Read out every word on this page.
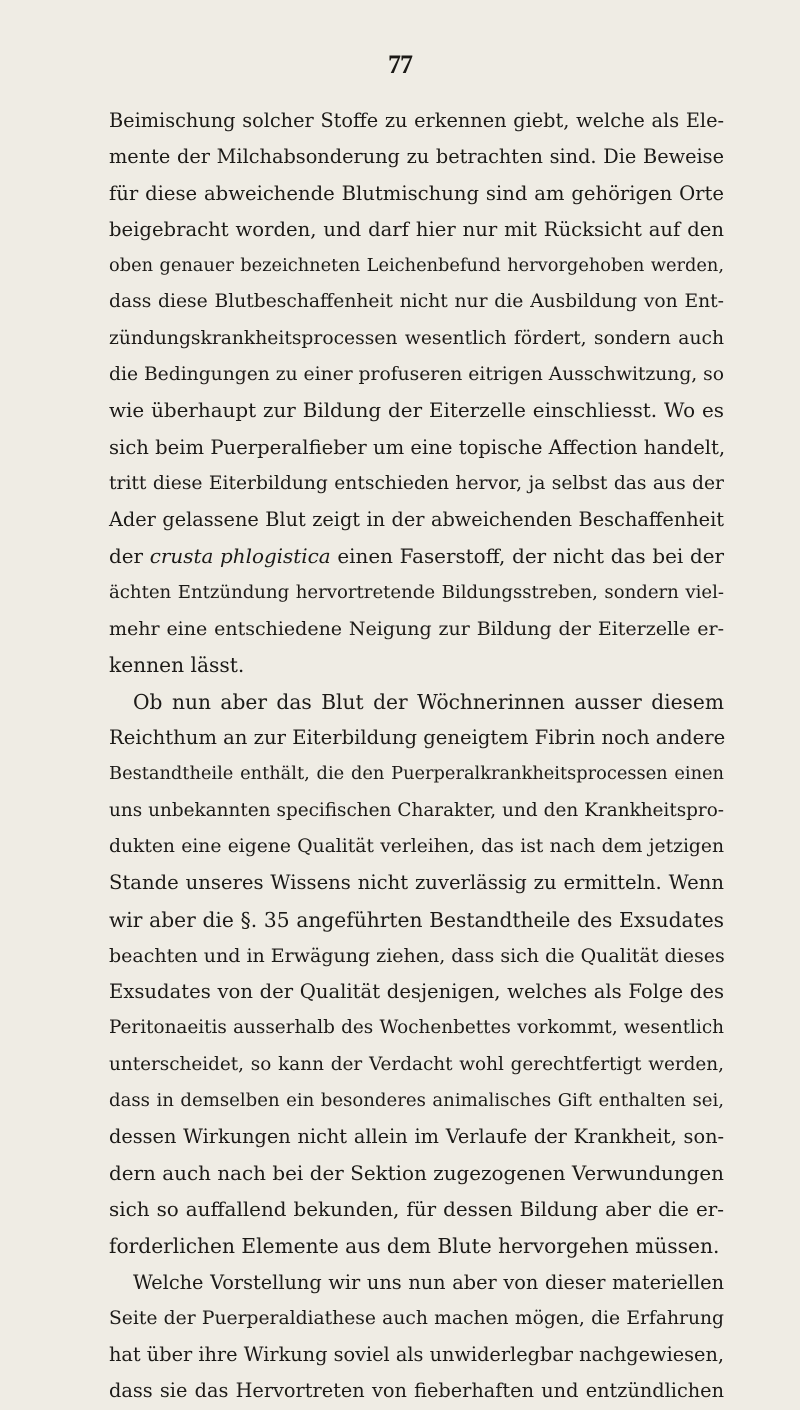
77
Beimischung solcher Stoffe zu erkennen giebt, welche als Ele-
mente der Milchabsonderung zu betrachten sind. Die Beweise
für diese abweichende Blutmischung sind am gehörigen Orte
beigebracht worden, und darf hier nur mit Rücksicht auf den
oben genauer bezeichneten Leichenbefund hervorgehoben werden,
dass diese Blutbeschaffenheit nicht nur die Ausbildung von Ent-
zündungskrankheitsprocessen wesentlich fördert, sondern auch
die Bedingungen zu einer profuseren eitrigen Ausschwitzung, so
wie überhaupt zur Bildung der Eiterzelle einschliesst. Wo es
sich beim Puerperalfieber um eine topische Affection handelt,
tritt diese Eiterbildung entschieden hervor, ja selbst das aus der
Ader gelassene Blut zeigt in der abweichenden Beschaffenheit
der crusta phlogistica einen Faserstoff, der nicht das bei der
ächten Entzündung hervortretende Bildungsstreben, sondern viel-
mehr eine entschiedene Neigung zur Bildung der Eiterzelle er-
kennen lässt.
Ob nun aber das Blut der Wöchnerinnen ausser diesem
Reichthum an zur Eiterbildung geneigtem Fibrin noch andere
Bestandtheile enthält, die den Puerperalkrankheitsprocessen einen
uns unbekannten specifischen Charakter, und den Krankheitspro-
dukten eine eigene Qualität verleihen, das ist nach dem jetzigen
Stande unseres Wissens nicht zuverlässig zu ermitteln. Wenn
wir aber die §. 35 angeführten Bestandtheile des Exsudates
beachten und in Erwägung ziehen, dass sich die Qualität dieses
Exsudates von der Qualität desjenigen, welches als Folge des
Peritonaeitis ausserhalb des Wochenbettes vorkommt, wesentlich
unterscheidet, so kann der Verdacht wohl gerechtfertigt werden,
dass in demselben ein besonderes animalisches Gift enthalten sei,
dessen Wirkungen nicht allein im Verlaufe der Krankheit, son-
dern auch nach bei der Sektion zugezogenen Verwundungen
sich so auffallend bekunden, für dessen Bildung aber die er-
forderlichen Elemente aus dem Blute hervorgehen müssen.
Welche Vorstellung wir uns nun aber von dieser materiellen
Seite der Puerperaldiathese auch machen mögen, die Erfahrung
hat über ihre Wirkung soviel als unwiderlegbar nachgewiesen,
dass sie das Hervortreten von fieberhaften und entzündlichen
